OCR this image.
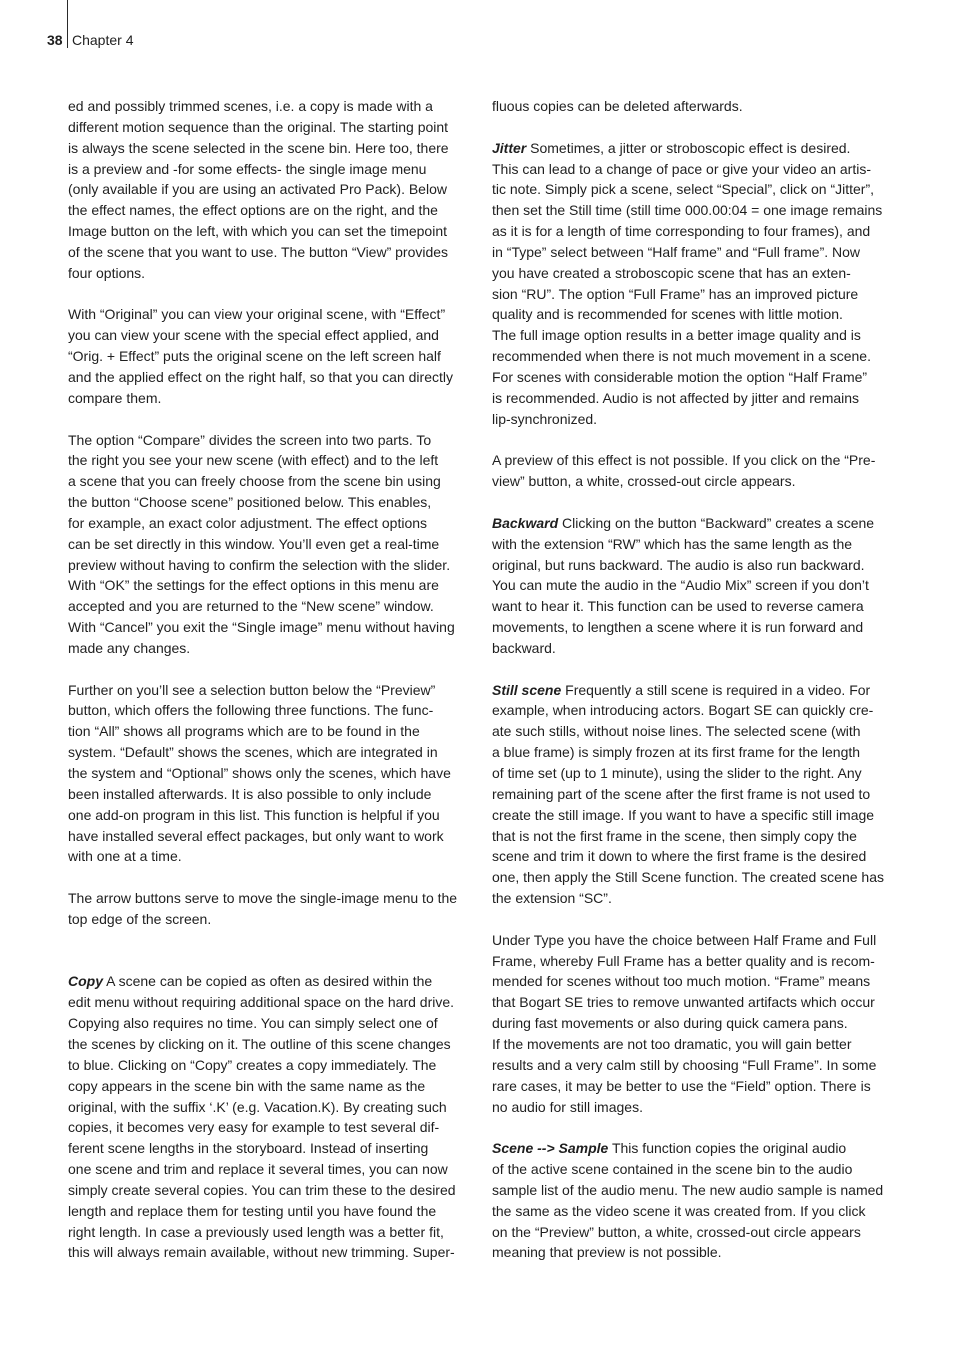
38 Chapter 4
ed and possibly trimmed scenes, i.e. a copy is made with a
different motion sequence than the original. The starting point
is always the scene selected in the scene bin. Here too, there
is a preview and -for some effects- the single image menu
(only available if you are using an activated Pro Pack). Below
the effect names, the effect options are on the right, and the
Image button on the left, with which you can set the timepoint
of the scene that you want to use. The button “View” provides
four options.
With “Original” you can view your original scene, with “Effect”
you can view your scene with the special effect applied, and
“Orig. + Effect” puts the original scene on the left screen half
and the applied effect on the right half, so that you can directly
compare them.
The option “Compare” divides the screen into two parts. To
the right you see your new scene (with effect) and to the left
a scene that you can freely choose from the scene bin using
the button “Choose scene” positioned below. This enables,
for example, an exact color adjustment. The effect options
can be set directly in this window. You’ll even get a real-time
preview without having to confirm the selection with the slider.
With “OK” the settings for the effect options in this menu are
accepted and you are returned to the “New scene” window.
With “Cancel” you exit the “Single image” menu without having
made any changes.
Further on you’ll see a selection button below the “Preview”
button, which offers the following three functions. The func-
tion “All” shows all programs which are to be found in the
system. “Default” shows the scenes, which are integrated in
the system and “Optional” shows only the scenes, which have
been installed afterwards. It is also possible to only include
one add-on program in this list. This function is helpful if you
have installed several effect packages, but only want to work
with one at a time.
The arrow buttons serve to move the single-image menu to the
top edge of the screen.
Copy A scene can be copied as often as desired within the
edit menu without requiring additional space on the hard drive.
Copying also requires no time. You can simply select one of
the scenes by clicking on it. The outline of this scene changes
to blue. Clicking on “Copy” creates a copy immediately. The
copy appears in the scene bin with the same name as the
original, with the suffix ‘.K’ (e.g. Vacation.K). By creating such
copies, it becomes very easy for example to test several dif-
ferent scene lengths in the storyboard. Instead of inserting
one scene and trim and replace it several times, you can now
simply create several copies. You can trim these to the desired
length and replace them for testing until you have found the
right length. In case a previously used length was a better fit,
this will always remain available, without new trimming. Super-
fluous copies can be deleted afterwards.
Jitter Sometimes, a jitter or stroboscopic effect is desired.
This can lead to a change of pace or give your video an artis-
tic note. Simply pick a scene, select “Special”, click on “Jitter”,
then set the Still time (still time 000.00:04 = one image remains
as it is for a length of time corresponding to four frames), and
in “Type” select between “Half frame” and “Full frame”. Now
you have created a stroboscopic scene that has an exten-
sion “RU”. The option “Full Frame” has an improved picture
quality and is recommended for scenes with little motion.
The full image option results in a better image quality and is
recommended when there is not much movement in a scene.
For scenes with considerable motion the option “Half Frame”
is recommended. Audio is not affected by jitter and remains
lip-synchronized.
A preview of this effect is not possible. If you click on the “Pre-
view” button, a white, crossed-out circle appears.
Backward Clicking on the button “Backward” creates a scene
with the extension “RW” which has the same length as the
original, but runs backward. The audio is also run backward.
You can mute the audio in the “Audio Mix” screen if you don’t
want to hear it. This function can be used to reverse camera
movements, to lengthen a scene where it is run forward and
backward.
Still scene Frequently a still scene is required in a video. For
example, when introducing actors. Bogart SE can quickly cre-
ate such stills, without noise lines. The selected scene (with
a blue frame) is simply frozen at its first frame for the length
of time set (up to 1 minute), using the slider to the right. Any
remaining part of the scene after the first frame is not used to
create the still image. If you want to have a specific still image
that is not the first frame in the scene, then simply copy the
scene and trim it down to where the first frame is the desired
one, then apply the Still Scene function. The created scene has
the extension “SC”.
Under Type you have the choice between Half Frame and Full
Frame, whereby Full Frame has a better quality and is recom-
mended for scenes without too much motion. “Frame” means
that Bogart SE tries to remove unwanted artifacts which occur
during fast movements or also during quick camera pans.
If the movements are not too dramatic, you will gain better
results and a very calm still by choosing “Full Frame”. In some
rare cases, it may be better to use the “Field” option. There is
no audio for still images.
Scene --> Sample This function copies the original audio
of the active scene contained in the scene bin to the audio
sample list of the audio menu. The new audio sample is named
the same as the video scene it was created from. If you click
on the “Preview” button, a white, crossed-out circle appears
meaning that preview is not possible.
